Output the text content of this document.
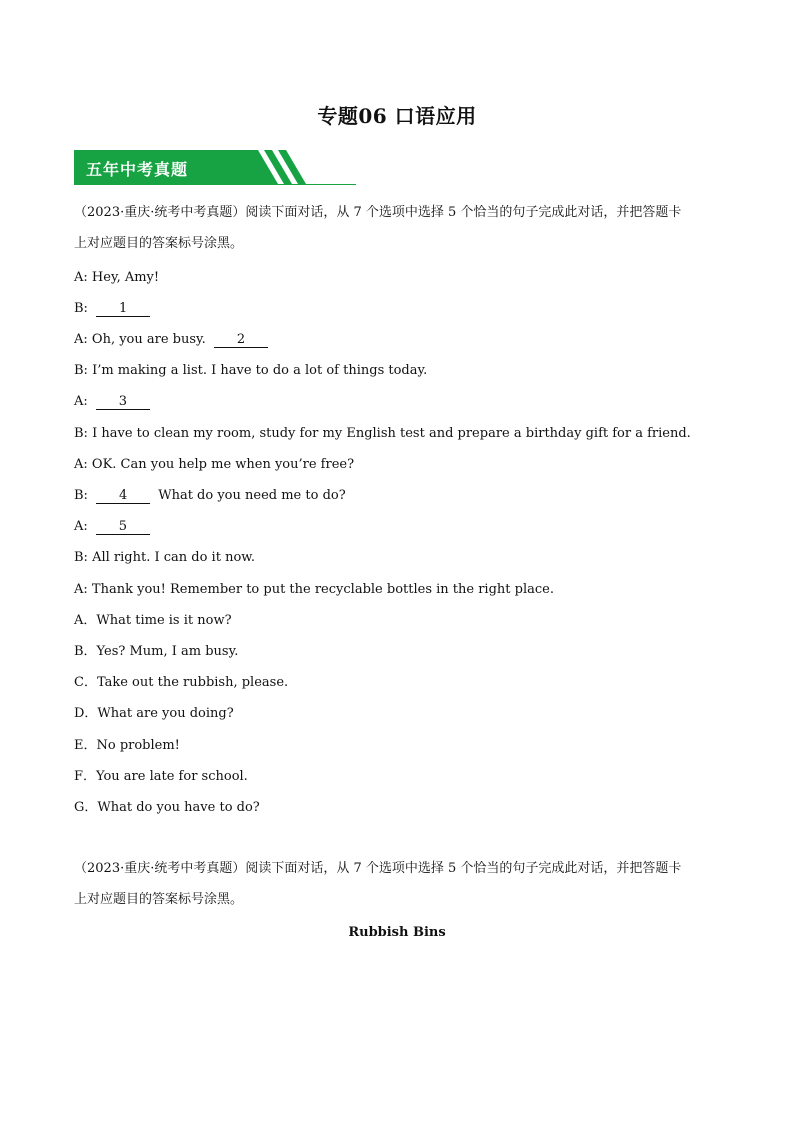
专题06 口语应用
五年中考真题
（2023·重庆·统考中考真题）阅读下面对话，从 7 个选项中选择 5 个恰当的句子完成此对话，并把答题卡
上对应题目的答案标号涂黑。
A: Hey, Amy!
B: 1
A: Oh, you are busy. 2
B: I’m making a list. I have to do a lot of things today.
A: 3
B: I have to clean my room, study for my English test and prepare a birthday gift for a friend.
A: OK. Can you help me when you’re free?
B: 4 What do you need me to do?
A: 5
B: All right. I can do it now.
A: Thank you! Remember to put the recyclable bottles in the right place.
A．What time is it now?
B．Yes? Mum, I am busy.
C．Take out the rubbish, please.
D．What are you doing?
E．No problem!
F．You are late for school.
G．What do you have to do?
（2023·重庆·统考中考真题）阅读下面对话，从 7 个选项中选择 5 个恰当的句子完成此对话，并把答题卡
上对应题目的答案标号涂黑。
Rubbish Bins
